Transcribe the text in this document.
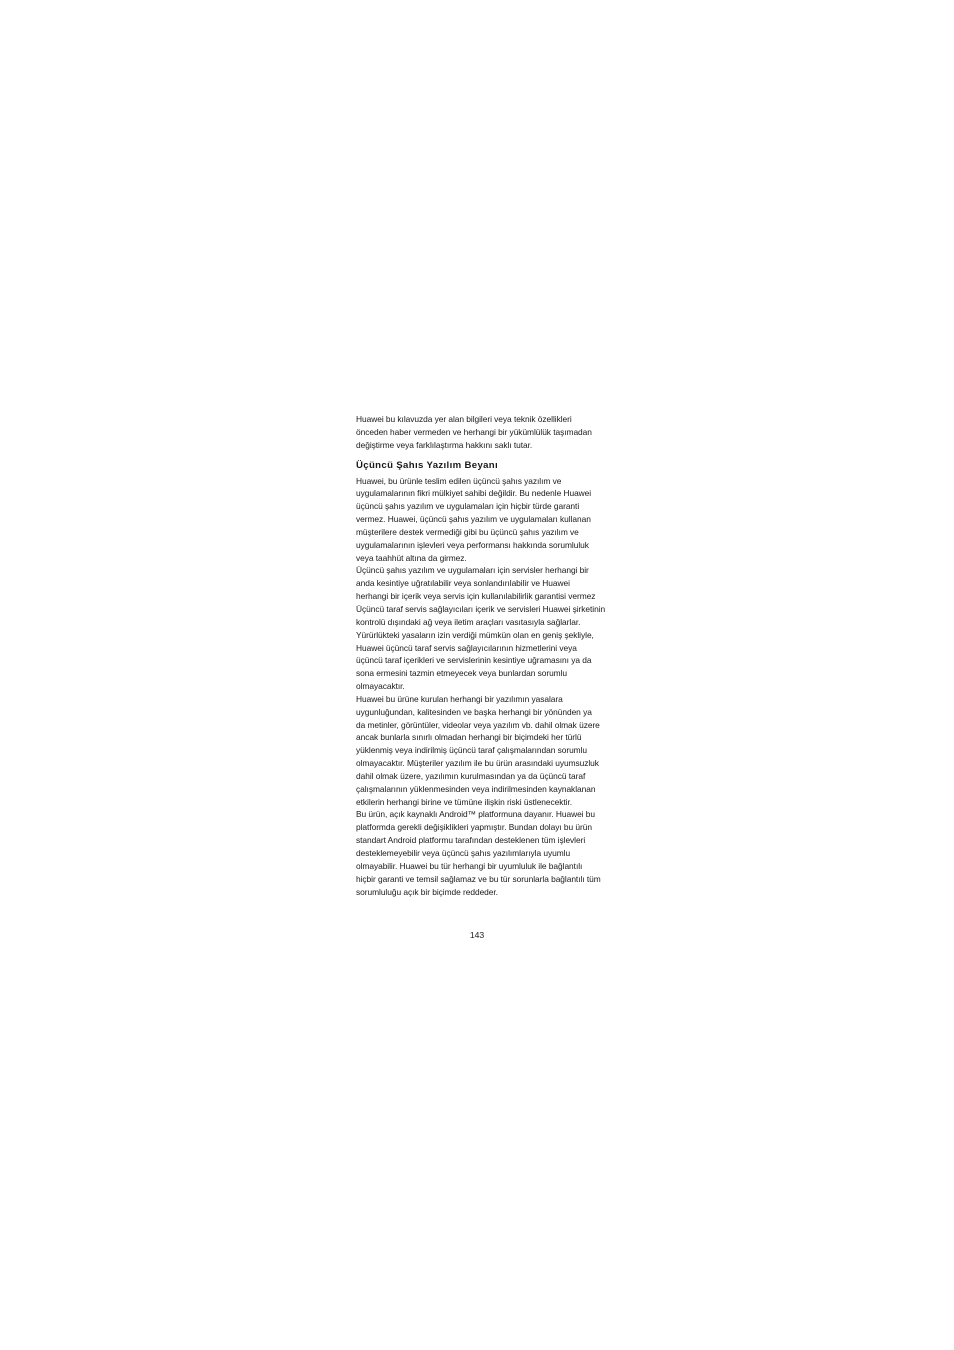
Huawei bu kılavuzda yer alan bilgileri veya teknik özellikleri
önceden haber vermeden ve herhangi bir yükümlülük taşımadan
değiştirme veya farklılaştırma hakkını saklı tutar.
Üçüncü Şahıs Yazılım Beyanı
Huawei, bu ürünle teslim edilen üçüncü şahıs yazılım ve
uygulamalarının fikri mülkiyet sahibi değildir. Bu nedenle Huawei
üçüncü şahıs yazılım ve uygulamaları için hiçbir türde garanti
vermez. Huawei, üçüncü şahıs yazılım ve uygulamaları kullanan
müşterilere destek vermediği gibi bu üçüncü şahıs yazılım ve
uygulamalarının işlevleri veya performansı hakkında sorumluluk
veya taahhüt altına da girmez.
Üçüncü şahıs yazılım ve uygulamaları için servisler herhangi bir
anda kesintiye uğratılabilir veya sonlandırılabilir ve Huawei
herhangi bir içerik veya servis için kullanılabilirlik garantisi vermez
Üçüncü taraf servis sağlayıcıları içerik ve servisleri Huawei şirketinin
kontrolü dışındaki ağ veya iletim araçları vasıtasıyla sağlarlar.
Yürürlükteki yasaların izin verdiği mümkün olan en geniş şekliyle,
Huawei üçüncü taraf servis sağlayıcılarının hizmetlerini veya
üçüncü taraf içerikleri ve servislerinin kesintiye uğramasını ya da
sona ermesini tazmin etmeyecek veya bunlardan sorumlu
olmayacaktır.
Huawei bu ürüne kurulan herhangi bir yazılımın yasalara
uygunluğundan, kalitesinden ve başka herhangi bir yönünden ya
da metinler, görüntüler, videolar veya yazılım vb. dahil olmak üzere
ancak bunlarla sınırlı olmadan herhangi bir biçimdeki her türlü
yüklenmiş veya indirilmiş üçüncü taraf çalışmalarından sorumlu
olmayacaktır. Müşteriler yazılım ile bu ürün arasındaki uyumsuzluk
dahil olmak üzere, yazılımın kurulmasından ya da üçüncü taraf
çalışmalarının yüklenmesinden veya indirilmesinden kaynaklanan
etkilerin herhangi birine ve tümüne ilişkin riski üstlenecektir.
Bu ürün, açık kaynaklı Android™ platformuna dayanır. Huawei bu
platformda gerekli değişiklikleri yapmıştır. Bundan dolayı bu ürün
standart Android platformu tarafından desteklenen tüm işlevleri
desteklemeyebilir veya üçüncü şahıs yazılımlarıyla uyumlu
olmayabilir. Huawei bu tür herhangi bir uyumluluk ile bağlantılı
hiçbir garanti ve temsil sağlamaz ve bu tür sorunlarla bağlantılı tüm
sorumluluğu açık bir biçimde reddeder.
143
